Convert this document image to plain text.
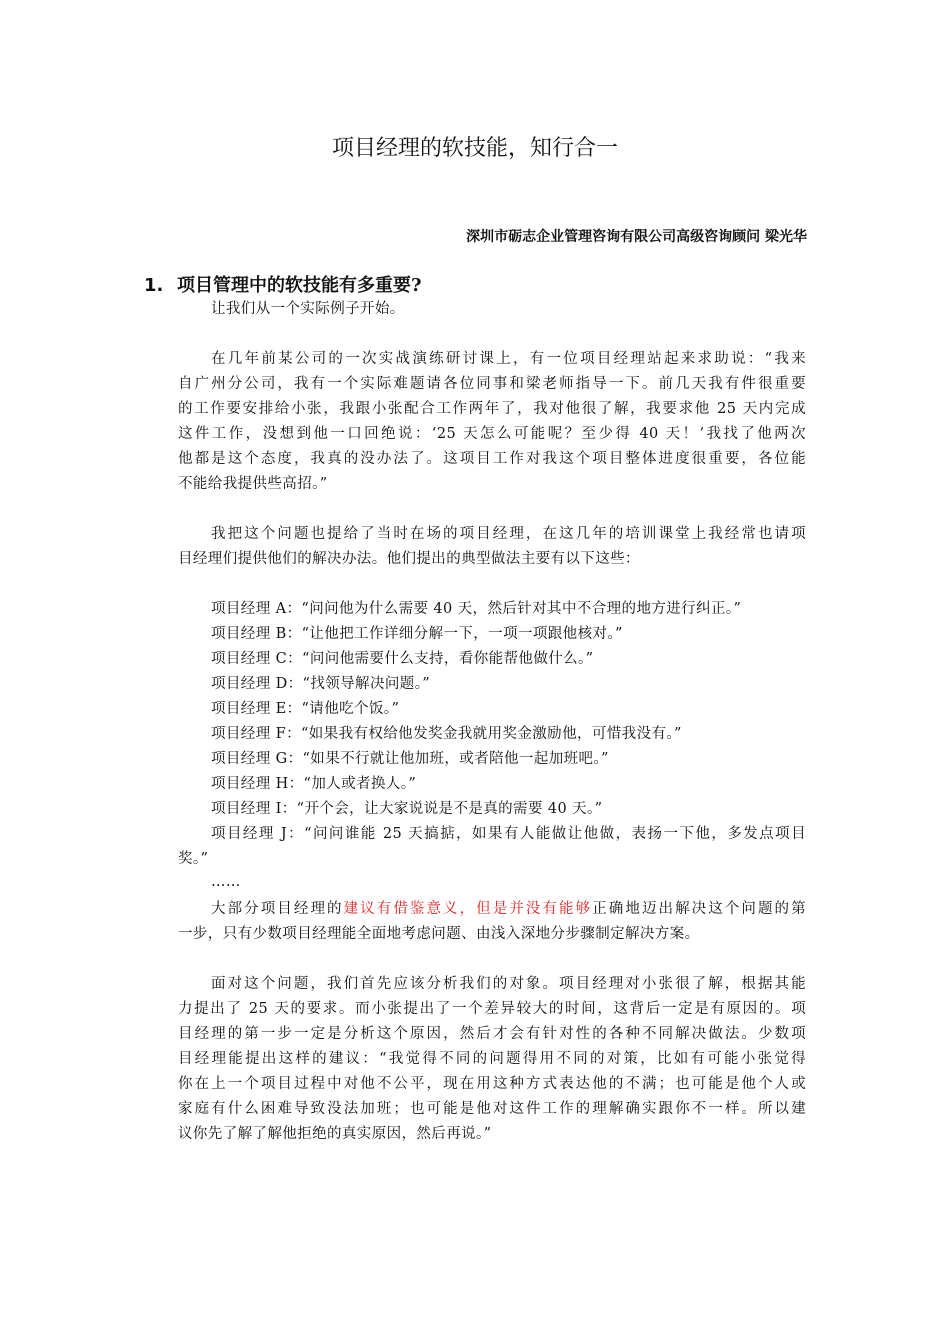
项目经理的软技能，知行合一
深圳市砺志企业管理咨询有限公司高级咨询顾问 梁光华
1. 项目管理中的软技能有多重要?
让我们从一个实际例子开始。
在几年前某公司的一次实战演练研讨课上，有一位项目经理站起来求助说：“我来
自广州分公司，我有一个实际难题请各位同事和梁老师指导一下。前几天我有件很重要
的工作要安排给小张，我跟小张配合工作两年了，我对他很了解，我要求他 25 天内完成
这件工作，没想到他一口回绝说：‘25 天怎么可能呢？至少得 40 天！’我找了他两次
他都是这个态度，我真的没办法了。这项目工作对我这个项目整体进度很重要，各位能
不能给我提供些高招。”
我把这个问题也提给了当时在场的项目经理，在这几年的培训课堂上我经常也请项
目经理们提供他们的解决办法。他们提出的典型做法主要有以下这些：
项目经理 A：“问问他为什么需要 40 天，然后针对其中不合理的地方进行纠正。”
项目经理 B：“让他把工作详细分解一下，一项一项跟他核对。”
项目经理 C：“问问他需要什么支持，看你能帮他做什么。”
项目经理 D：“找领导解决问题。”
项目经理 E：“请他吃个饭。”
项目经理 F：“如果我有权给他发奖金我就用奖金激励他，可惜我没有。”
项目经理 G：“如果不行就让他加班，或者陪他一起加班吧。”
项目经理 H：“加人或者换人。”
项目经理 I：“开个会，让大家说说是不是真的需要 40 天。”
项目经理 J：“问问谁能 25 天搞掂，如果有人能做让他做，表扬一下他，多发点项目
奖。”
……
大部分项目经理的建议有借鉴意义，但是并没有能够正确地迈出解决这个问题的第
一步，只有少数项目经理能全面地考虑问题、由浅入深地分步骤制定解决方案。
面对这个问题，我们首先应该分析我们的对象。项目经理对小张很了解，根据其能
力提出了 25 天的要求。而小张提出了一个差异较大的时间，这背后一定是有原因的。项
目经理的第一步一定是分析这个原因，然后才会有针对性的各种不同解决做法。少数项
目经理能提出这样的建议：“我觉得不同的问题得用不同的对策，比如有可能小张觉得
你在上一个项目过程中对他不公平，现在用这种方式表达他的不满；也可能是他个人或
家庭有什么困难导致没法加班；也可能是他对这件工作的理解确实跟你不一样。所以建
议你先了解了解他拒绝的真实原因，然后再说。”
